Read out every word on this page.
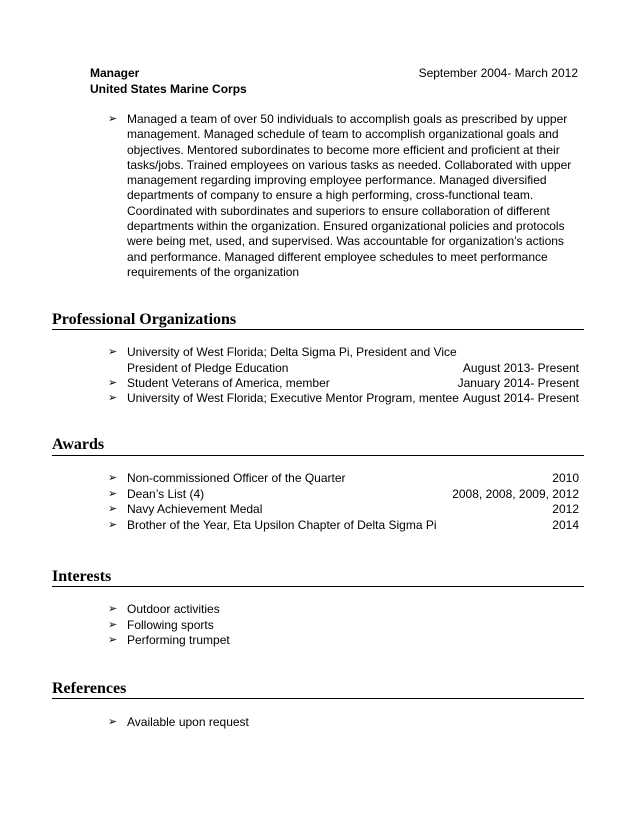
Manager	September 2004- March 2012
United States Marine Corps
➢ Managed a team of over 50 individuals to accomplish goals as prescribed by upper management. Managed schedule of team to accomplish organizational goals and objectives. Mentored subordinates to become more efficient and proficient at their tasks/jobs. Trained employees on various tasks as needed. Collaborated with upper management regarding improving employee performance. Managed diversified departments of company to ensure a high performing, cross-functional team. Coordinated with subordinates and superiors to ensure collaboration of different departments within the organization. Ensured organizational policies and protocols were being met, used, and supervised. Was accountable for organization’s actions and performance. Managed different employee schedules to meet performance requirements of the organization
Professional Organizations
➢ University of West Florida; Delta Sigma Pi, President and Vice President of Pledge Education	August 2013- Present
➢ Student Veterans of America, member	January 2014- Present
➢ University of West Florida; Executive Mentor Program, mentee August 2014- Present
Awards
➢ Non-commissioned Officer of the Quarter	2010
➢ Dean’s List (4)	2008, 2008, 2009, 2012
➢ Navy Achievement Medal	2012
➢ Brother of the Year, Eta Upsilon Chapter of Delta Sigma Pi	2014
Interests
➢ Outdoor activities
➢ Following sports
➢ Performing trumpet
References
➢ Available upon request
